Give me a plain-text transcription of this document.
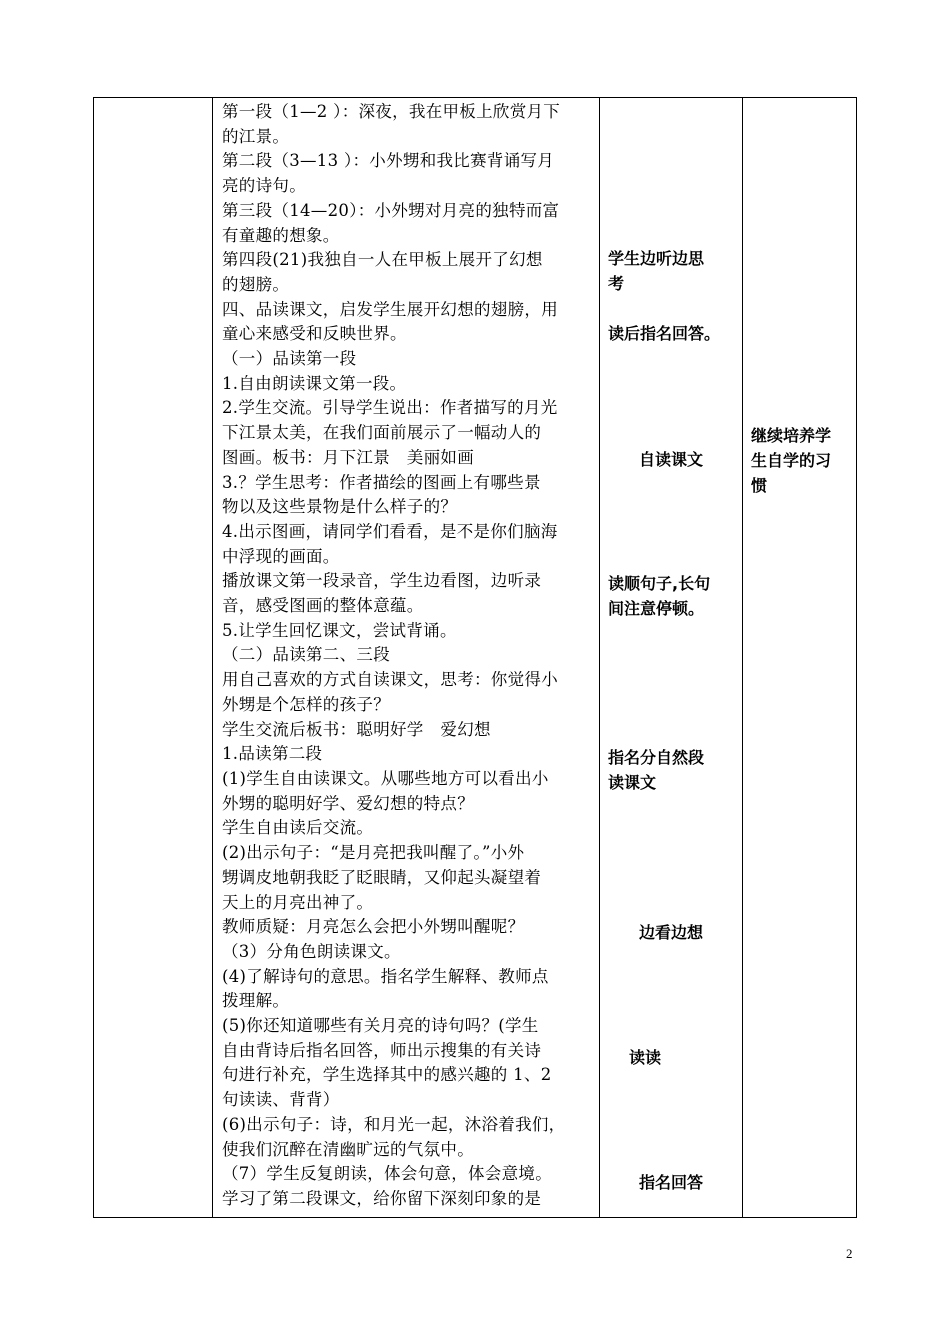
第一段（1—2 ）：深夜，我在甲板上欣赏月下
的江景。
第二段（3—13 ）：小外甥和我比赛背诵写月
亮的诗句。
第三段（14—20）：小外甥对月亮的独特而富
有童趣的想象。
第四段(21)我独自一人在甲板上展开了幻想
的翅膀。
四、品读课文，启发学生展开幻想的翅膀，用
童心来感受和反映世界。
（一）品读第一段
1.自由朗读课文第一段。
2.学生交流。引导学生说出：作者描写的月光
下江景太美，在我们面前展示了一幅动人的
图画。板书：月下江景　美丽如画
3.？学生思考：作者描绘的图画上有哪些景
物以及这些景物是什么样子的？
4.出示图画，请同学们看看，是不是你们脑海
中浮现的画面。
播放课文第一段录音，学生边看图，边听录
音，感受图画的整体意蕴。
5.让学生回忆课文，尝试背诵。
（二）品读第二、三段
用自己喜欢的方式自读课文，思考：你觉得小
外甥是个怎样的孩子？
学生交流后板书：聪明好学　爱幻想
1.品读第二段
(1)学生自由读课文。从哪些地方可以看出小
外甥的聪明好学、爱幻想的特点？
学生自由读后交流。
(2)出示句子：“是月亮把我叫醒了。”小外
甥调皮地朝我眨了眨眼睛，又仰起头凝望着
天上的月亮出神了。
教师质疑：月亮怎么会把小外甥叫醒呢？
（3）分角色朗读课文。
(4)了解诗句的意思。指名学生解释、教师点
拨理解。
(5)你还知道哪些有关月亮的诗句吗？(学生
自由背诗后指名回答，师出示搜集的有关诗
句进行补充，学生选择其中的感兴趣的 1、2
句读读、背背）
(6)出示句子：诗，和月光一起，沐浴着我们，
使我们沉醉在清幽旷远的气氛中。
（7）学生反复朗读，体会句意，体会意境。
学习了第二段课文，给你留下深刻印象的是
学生边听边思
考
读后指名回答。
自读课文
读顺句子,长句
间注意停顿。
指名分自然段
读课文
边看边想
读读
指名回答
继续培养学
生自学的习
惯
2
